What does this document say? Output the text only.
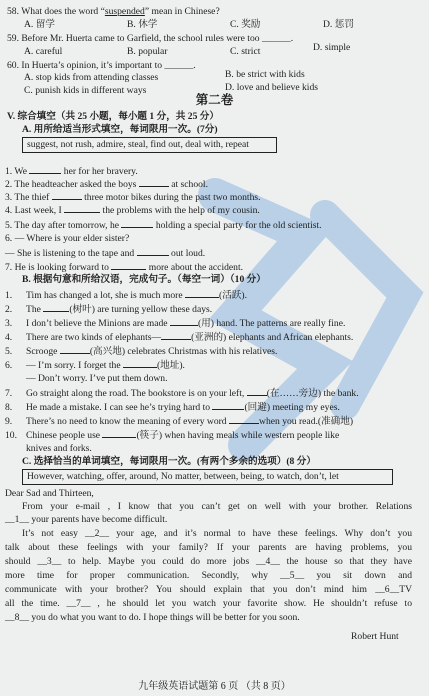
58. What does the word “suspended” mean in Chinese?
A. 留学	B. 休学	C. 奖励	D. 惩罚
59. Before Mr. Huerta came to Garfield, the school rules were too ______.
A. careful	B. popular	C. strict	D. simple
60. In Huerta’s opinion, it’s important to ______.
A. stop kids from attending classes	B. be strict with kids
C. punish kids in different ways	D. love and believe kids
第二卷
V. 综合填空（共 25 小题，每小题 1 分，共 25 分）
A. 用所给适当形式填空，每词限用一次。(7分)
suggest, not rush, admire, steal, find out, deal with, repeat
1. We	her for her bravery.
2. The headteacher asked the boys	at school.
3. The thief	three motor bikes during the past two months.
4. Last week, I	the problems with the help of my cousin.
5. The day after tomorrow, he	holding a special party for the old scientist.
6. — Where is your elder sister?
— She is listening to the tape and	out loud.
7. He is looking forward to	more about the accident.
B. 根据句意和所给汉语，完成句子。（每空一词）（10 分）
1. Tim has changed a lot, she is much more	(活跃).
2. The	(树叶) are turning yellow these days.
3. I don’t believe the Minions are made	(用) hand. The patterns are really fine.
4. There are two kinds of elephants—	(亚洲的) elephants and African elephants.
5. Scrooge	(高兴地) celebrates Christmas with his relatives.
6. — I’m sorry. I forget the	(地址).
— Don’t worry. I’ve put them down.
7. Go straight along the road. The bookstore is on your left, (在……旁边) the bank.
8. He made a mistake. I can see he’s trying hard to	(回避) meeting my eyes.
9. There’s no need to know the meaning of every word	when you read.(准确地)
10. Chinese people use	(筷子) when having meals while western people like
knives and forks.
C. 选择恰当的单词填空，每词限用一次。(有两个多余的选项）(8 分）
However, watching, offer, around, No matter, between, being, to watch, don’t, let
Dear Sad and Thirteen,
From your e-mail , I know that you can’t get on well with your brother. Relations
__1__ your parents have become difficult.
It’s not easy __2__ your age, and it’s normal to have these feelings. Why don’t you
talk about these feelings with your family? If your parents are having problems, you
should __3__ to help. Maybe you could do more jobs __4__ the house so that they have
more time for proper communication. Secondly, why __5__ you sit down and
communicate with your brother? You should explain that you don’t mind him __6__TV
all the time. __7__ , he should let you watch your favorite show. He shouldn’t refuse to
__8__ you do what you want to do. I hope things will be better for you soon.
Robert Hunt
九年级英语试题第 6 页 （共 8 页）
